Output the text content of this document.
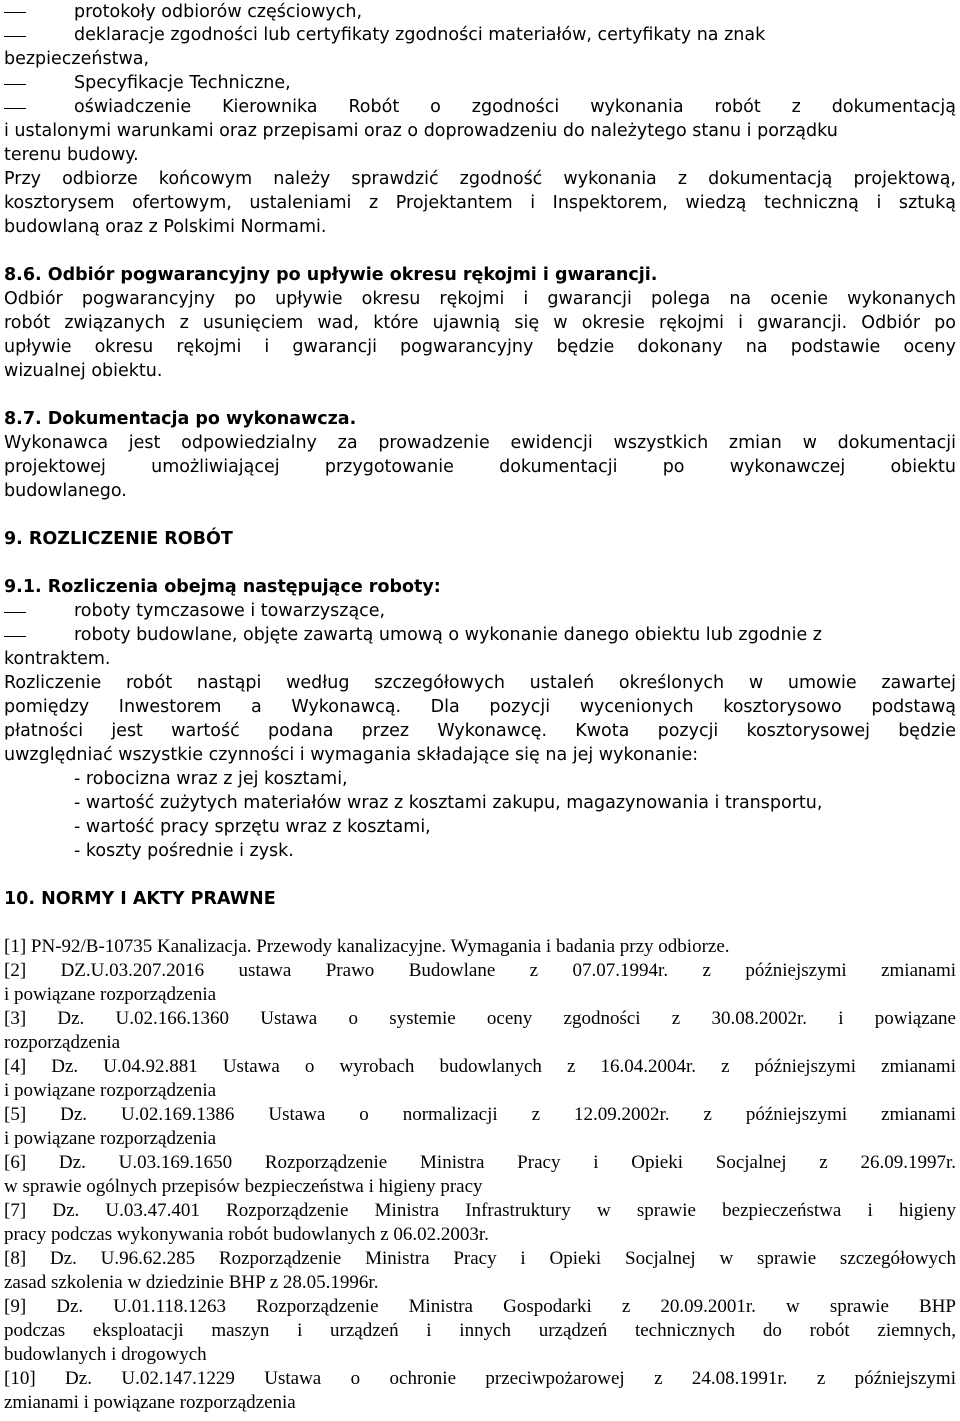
protokoły odbiorów częściowych,
deklaracje zgodności lub certyfikaty zgodności materiałów, certyfikaty na znak
bezpieczeństwa,
Specyfikacje Techniczne,
oświadczenie Kierownika Robót o zgodności wykonania robót z dokumentacją
i ustalonymi warunkami oraz przepisami oraz o doprowadzeniu do należytego stanu i porządku
terenu budowy.
Przy odbiorze końcowym należy sprawdzić zgodność wykonania z dokumentacją projektową,
kosztorysem ofertowym, ustaleniami z Projektantem i Inspektorem, wiedzą techniczną i sztuką
budowlaną oraz z Polskimi Normami.
8.6. Odbiór pogwarancyjny po upływie okresu rękojmi i gwarancji.
Odbiór pogwarancyjny po upływie okresu rękojmi i gwarancji polega na ocenie wykonanych
robót związanych z usunięciem wad, które ujawnią się w okresie rękojmi i gwarancji. Odbiór po
upływie okresu rękojmi i gwarancji pogwarancyjny będzie dokonany na podstawie oceny
wizualnej obiektu.
8.7. Dokumentacja po wykonawcza.
Wykonawca jest odpowiedzialny za prowadzenie ewidencji wszystkich zmian w dokumentacji
projektowej umożliwiającej przygotowanie dokumentacji po wykonawczej obiektu
budowlanego.
9. ROZLICZENIE ROBÓT
9.1. Rozliczenia obejmą następujące roboty:
roboty tymczasowe i towarzyszące,
roboty budowlane, objęte zawartą umową o wykonanie danego obiektu lub zgodnie z
kontraktem.
Rozliczenie robót nastąpi według szczegółowych ustaleń określonych w umowie zawartej
pomiędzy Inwestorem a Wykonawcą. Dla pozycji wycenionych kosztorysowo podstawą
płatności jest wartość podana przez Wykonawcę. Kwota pozycji kosztorysowej będzie
uwzględniać wszystkie czynności i wymagania składające się na jej wykonanie:
- robocizna wraz z jej kosztami,
- wartość zużytych materiałów wraz z kosztami zakupu, magazynowania i transportu,
- wartość pracy sprzętu wraz z kosztami,
- koszty pośrednie i zysk.
10. NORMY I AKTY PRAWNE
[1] PN-92/B-10735 Kanalizacja. Przewody kanalizacyjne. Wymagania i badania przy odbiorze.
[2] DZ.U.03.207.2016 ustawa Prawo Budowlane z 07.07.1994r. z późniejszymi zmianami
i powiązane rozporządzenia
[3] Dz. U.02.166.1360 Ustawa o systemie oceny zgodności z 30.08.2002r. i powiązane
rozporządzenia
[4] Dz. U.04.92.881 Ustawa o wyrobach budowlanych z 16.04.2004r. z późniejszymi zmianami
i powiązane rozporządzenia
[5] Dz. U.02.169.1386 Ustawa o normalizacji z 12.09.2002r. z późniejszymi zmianami
i powiązane rozporządzenia
[6] Dz. U.03.169.1650 Rozporządzenie Ministra Pracy i Opieki Socjalnej z 26.09.1997r.
w sprawie ogólnych przepisów bezpieczeństwa i higieny pracy
[7] Dz. U.03.47.401 Rozporządzenie Ministra Infrastruktury w sprawie bezpieczeństwa i higieny
pracy podczas wykonywania robót budowlanych z 06.02.2003r.
[8] Dz. U.96.62.285 Rozporządzenie Ministra Pracy i Opieki Socjalnej w sprawie szczegółowych
zasad szkolenia w dziedzinie BHP z 28.05.1996r.
[9] Dz. U.01.118.1263 Rozporządzenie Ministra Gospodarki z 20.09.2001r. w sprawie BHP
podczas eksploatacji maszyn i urządzeń i innych urządzeń technicznych do robót ziemnych,
budowlanych i drogowych
[10] Dz. U.02.147.1229 Ustawa o ochronie przeciwpożarowej z 24.08.1991r. z późniejszymi
zmianami i powiązane rozporządzenia
